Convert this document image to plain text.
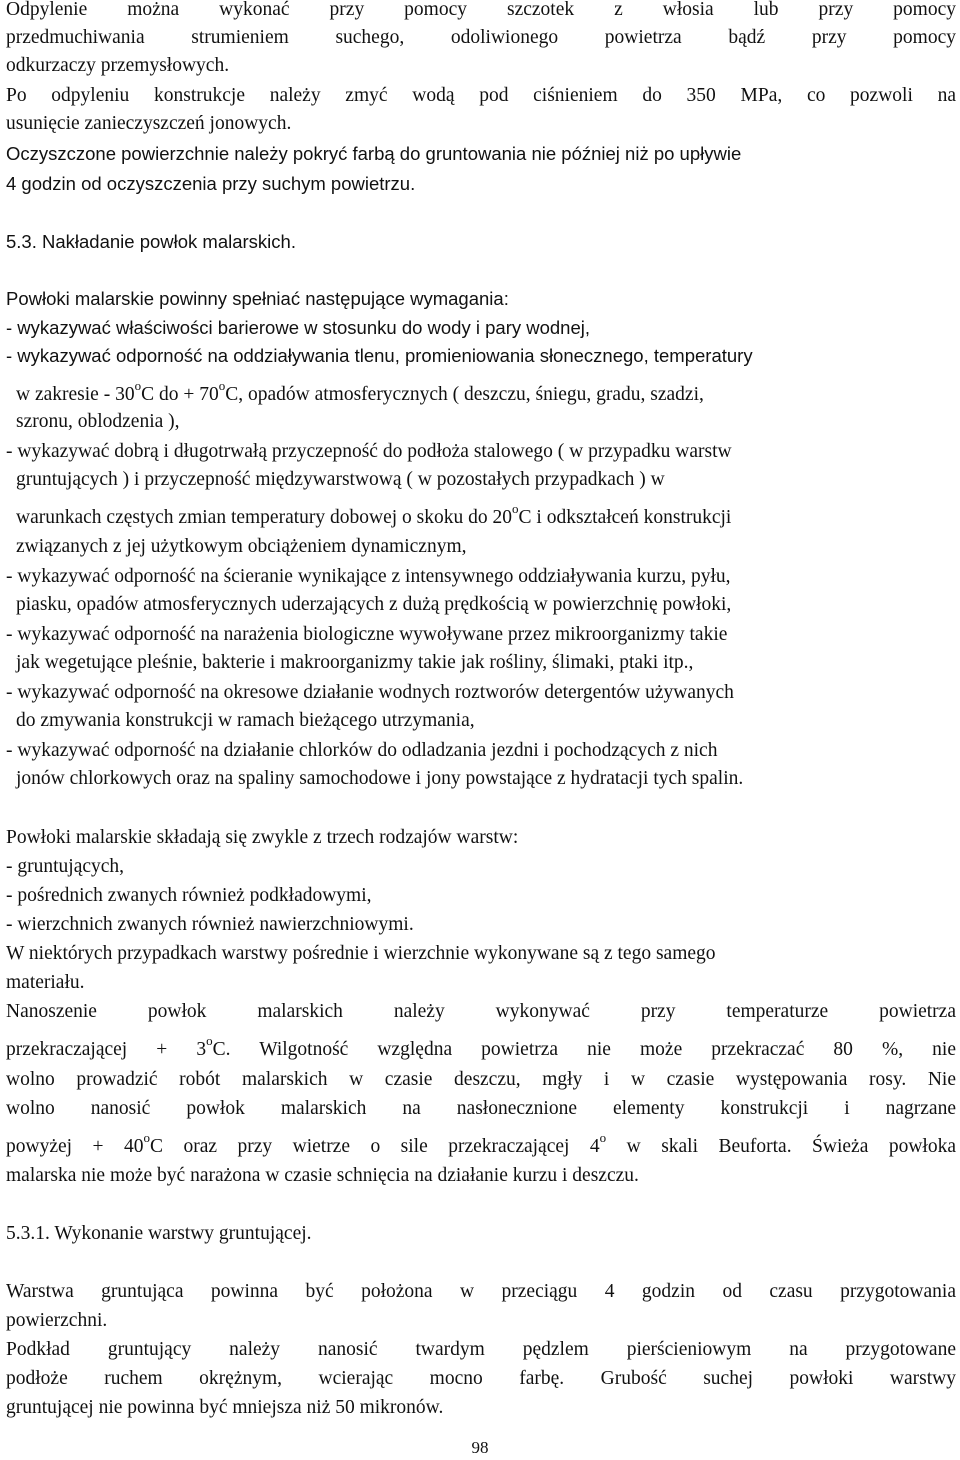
Odpylenie można wykonać przy pomocy szczotek z włosia lub przy pomocy
przedmuchiwania strumieniem suchego, odoliwionego powietrza bądź przy pomocy
odkurzaczy przemysłowych.
Po odpyleniu konstrukcje należy zmyć wodą pod ciśnieniem do 350 MPa, co pozwoli na
usunięcie zanieczyszczeń jonowych.
Oczyszczone powierzchnie należy pokryć farbą do gruntowania nie później niż po upływie
4 godzin od oczyszczenia przy suchym powietrzu.
5.3. Nakładanie powłok malarskich.
Powłoki malarskie powinny spełniać następujące wymagania:
- wykazywać właściwości barierowe w stosunku do wody i pary wodnej,
- wykazywać odporność na oddziaływania tlenu, promieniowania słonecznego, temperatury
w zakresie - 30$^o$C do + $70^oC$, opadów atmosferycznych ( deszczu, śniegu, gradu, szadzi,
szronu, oblodzenia ),
- wykazywać dobrą i długotrwałą przyczepność do podłoża stalowego ( w przypadku warstw
gruntujących ) i przyczepność międzywarstwową ( w pozostałych przypadkach ) w
warunkach częstych zmian temperatury dobowej o skoku do 20$^o$C i odkształceń konstrukcji
związanych z jej użytkowym obciążeniem dynamicznym,
- wykazywać odporność na ścieranie wynikające z intensywnego oddziaływania kurzu, pyłu,
piasku, opadów atmosferycznych uderzających z dużą prędkością w powierzchnię powłoki,
- wykazywać odporność na narażenia biologiczne wywoływane przez mikroorganizmy takie
jak wegetujące pleśnie, bakterie i makroorganizmy takie jak rośliny, ślimaki, ptaki itp.,
- wykazywać odporność na okresowe działanie wodnych roztworów detergentów używanych
do zmywania konstrukcji w ramach bieżącego utrzymania,
- wykazywać odporność na działanie chlorków do odladzania jezdni i pochodzących z nich
jonów chlorkowych oraz na spaliny samochodowe i jony powstające z hydratacji tych spalin.
Powłoki malarskie składają się zwykle z trzech rodzajów warstw:
- gruntujących,
- pośrednich zwanych również podkładowymi,
- wierzchnich zwanych również nawierzchniowymi.
W niektórych przypadkach warstwy pośrednie i wierzchnie wykonywane są z tego samego
materiału.
Nanoszenie powłok malarskich należy wykonywać przy temperaturze powietrza
przekraczającej + $3^oC$. Wilgotność względna powietrza nie może przekraczać 80 %, nie
wolno prowadzić robót malarskich w czasie deszczu, mgły i w czasie występowania rosy. Nie
wolno nanosić powłok malarskich na nasłonecznione elementy konstrukcji i nagrzane
powyżej + $40^oC$ oraz przy wietrze o sile przekraczającej 4$^o$ w skali Beuforta. Świeża powłoka
malarska nie może być narażona w czasie schnięcia na działanie kurzu i deszczu.
5.3.1. Wykonanie warstwy gruntującej.
Warstwa gruntująca powinna być położona w przeciągu 4 godzin od czasu przygotowania
powierzchni.
Podkład gruntujący należy nanosić twardym pędzlem pierścieniowym na przygotowane
podłoże ruchem okrężnym, wcierając mocno farbę. Grubość suchej powłoki warstwy
gruntującej nie powinna być mniejsza niż 50 mikronów.
98
